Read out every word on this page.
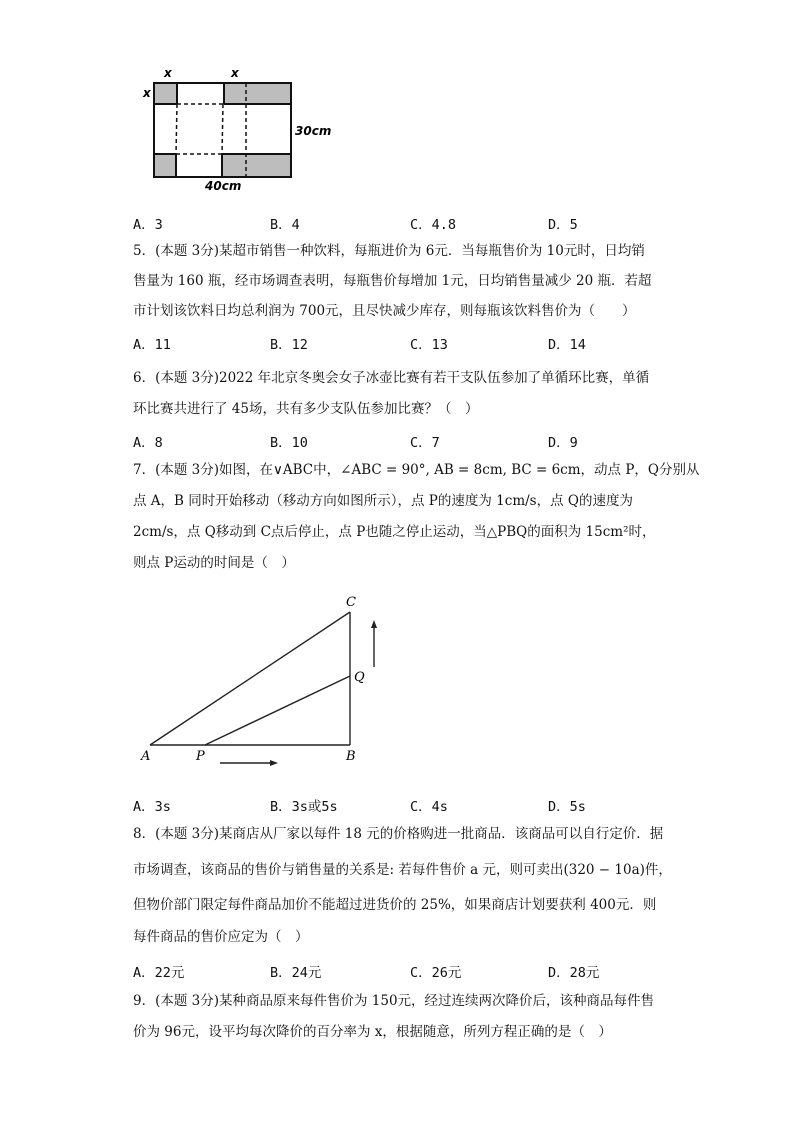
x	x
x
30cm
40cm
A	P	B
Q
C
A．3	B．4	C．4.8	D．5
5．(本题 3分)某超市销售一种饮料，每瓶进价为 6元．当每瓶售价为 10元时，日均销
售量为 160 瓶，经市场调查表明，每瓶售价每增加 1元，日均销售量减少 20 瓶．若超
市计划该饮料日均总利润为 700元，且尽快减少库存，则每瓶该饮料售价为（　　）
A．11	B．12	C．13	D．14
6．(本题 3分)2022 年北京冬奥会女子冰壶比赛有若干支队伍参加了单循环比赛，单循
环比赛共进行了 45场，共有多少支队伍参加比赛？（　）
A．8	B．10	C．7	D．9
7．(本题 3分)如图，在∨ABC中，∠ABC = 90°, AB = 8cm, BC = 6cm，动点 P，Q分别从
点 A，B 同时开始移动（移动方向如图所示），点 P的速度为 1cm/s，点 Q的速度为
2cm/s，点 Q移动到 C点后停止，点 P也随之停止运动，当△PBQ的面积为 15cm²时，
则点 P运动的时间是（　）
A．3s	B．3s或5s	C．4s	D．5s
8．(本题 3分)某商店从厂家以每件 18 元的价格购进一批商品．该商品可以自行定价．据
市场调查，该商品的售价与销售量的关系是: 若每件售价 a 元，则可卖出(320 − 10a)件，
但物价部门限定每件商品加价不能超过进货价的 25%，如果商店计划要获利 400元．则
每件商品的售价应定为（　）
A．22元	B．24元	C．26元	D．28元
9．(本题 3分)某种商品原来每件售价为 150元，经过连续两次降价后，该种商品每件售
价为 96元，设平均每次降价的百分率为 x，根据随意，所列方程正确的是（　）
